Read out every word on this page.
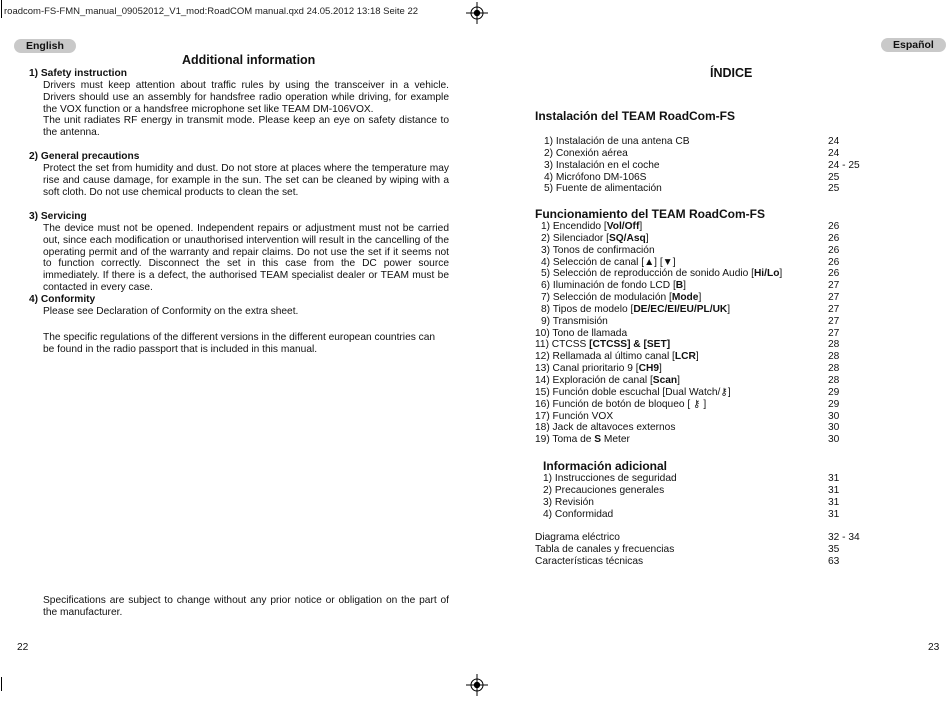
roadcom-FS-FMN_manual_09052012_V1_mod:RoadCOM manual.qxd 24.05.2012 13:18 Seite 22
English
Additional information
1) Safety instruction
Drivers must keep attention about traffic rules by using the transceiver in a vehicle. Drivers should use an assembly for handsfree radio operation while driving, for example the VOX function or a handsfree microphone set like TEAM DM-106VOX.
The unit radiates RF energy in transmit mode. Please keep an eye on safety distance to the antenna.
2) General precautions
Protect the set from humidity and dust. Do not store at places where the temperature may rise and cause damage, for example in the sun. The set can be cleaned by wiping with a soft cloth. Do not use chemical products to clean the set.
3) Servicing
The device must not be opened. Independent repairs or adjustment must not be carried out, since each modification or unauthorised intervention will result in the cancelling of the operating permit and of the warranty and repair claims. Do not use the set if it seems not to function correctly. Disconnect the set in this case from the DC power source immediately. If there is a defect, the authorised TEAM specialist dealer or TEAM must be contacted in every case.
4) Conformity
Please see Declaration of Conformity on the extra sheet.
The specific regulations of the different versions in the different european countries can be found in the radio passport that is included in this manual.
Specifications are subject to change without any prior notice or obligation on the part of the manufacturer.
22
Español
ÍNDICE
Instalación del TEAM RoadCom-FS
1) Instalación de una antena CB	24
2) Conexión aérea	24
3) Instalación en el coche	24 - 25
4) Micrófono DM-106S	25
5) Fuente de alimentación	25
Funcionamiento del TEAM RoadCom-FS
1) Encendido [Vol/Off]	26
2) Silenciador [SQ/Asq]	26
3) Tonos de confirmación	26
4) Selección de canal [▲] [▼]	26
5) Selección de reproducción de sonido Audio [Hi/Lo]	26
6) Iluminación de fondo LCD [B]	27
7) Selección de modulación [Mode]	27
8) Tipos de modelo [DE/EC/EI/EU/PL/UK]	27
9) Transmisión	27
10) Tono de llamada	27
11) CTCSS [CTCSS] & [SET]	28
12) Rellamada al último canal [LCR]	28
13) Canal prioritario 9 [CH9]	28
14) Exploración de canal [Scan]	28
15) Función doble escuchal [Dual Watch/⚷]	29
16) Función de botón de bloqueo [ ⚷ ]	29
17) Función VOX	30
18) Jack de altavoces externos	30
19) Toma de S Meter	30
Información adicional
1) Instrucciones de seguridad	31
2) Precauciones generales	31
3) Revisión	31
4) Conformidad	31
Diagrama eléctrico	32 - 34
Tabla de canales y frecuencias	35
Características técnicas	63
23
